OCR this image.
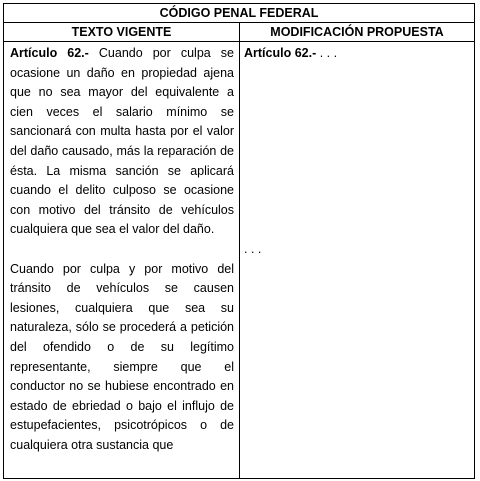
CÓDIGO PENAL FEDERAL
TEXTO VIGENTE	MODIFICACIÓN PROPUESTA

Artículo 62.- Cuando por culpa se ocasione un daño en propiedad ajena que no sea mayor del equivalente a cien veces el salario mínimo se sancionará con multa hasta por el valor del daño causado, más la reparación de ésta. La misma sanción se aplicará cuando el delito culposo se ocasione con motivo del tránsito de vehículos cualquiera que sea el valor del daño.

Cuando por culpa y por motivo del tránsito de vehículos se causen lesiones, cualquiera que sea su naturaleza, sólo se procederá a petición del ofendido o de su legítimo representante, siempre que el conductor no se hubiese encontrado en estado de ebriedad o bajo el influjo de estupefacientes, psicotrópicos o de cualquiera otra sustancia que

Artículo 62.- . . .

. . .
